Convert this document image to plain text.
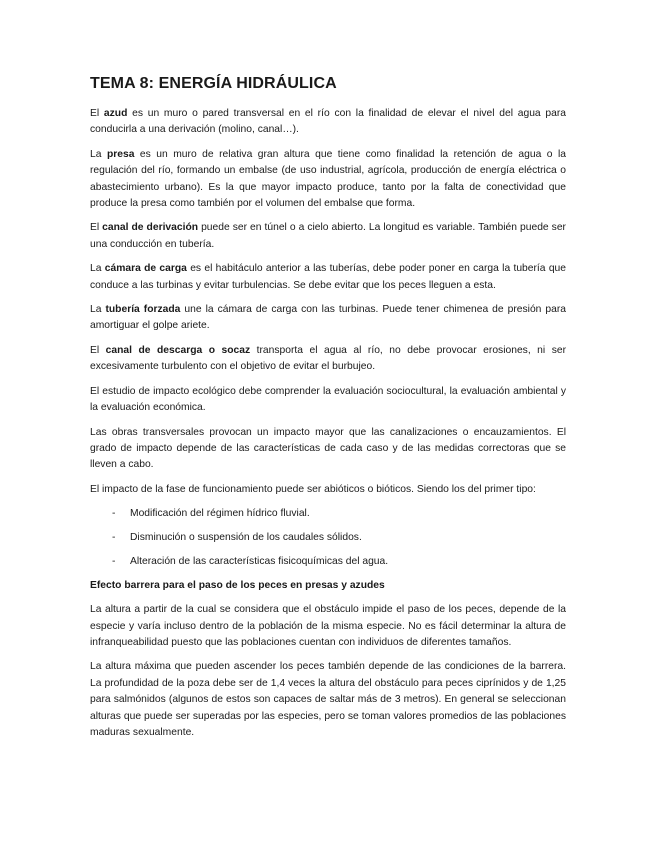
TEMA 8: ENERGÍA HIDRÁULICA

El azud es un muro o pared transversal en el río con la finalidad de elevar el nivel del agua para conducirla a una derivación (molino, canal…).

La presa es un muro de relativa gran altura que tiene como finalidad la retención de agua o la regulación del río, formando un embalse (de uso industrial, agrícola, producción de energía eléctrica o abastecimiento urbano). Es la que mayor impacto produce, tanto por la falta de conectividad que produce la presa como también por el volumen del embalse que forma.

El canal de derivación puede ser en túnel o a cielo abierto. La longitud es variable. También puede ser una conducción en tubería.

La cámara de carga es el habitáculo anterior a las tuberías, debe poder poner en carga la tubería que conduce a las turbinas y evitar turbulencias. Se debe evitar que los peces lleguen a esta.

La tubería forzada une la cámara de carga con las turbinas. Puede tener chimenea de presión para amortiguar el golpe ariete.

El canal de descarga o socaz transporta el agua al río, no debe provocar erosiones, ni ser excesivamente turbulento con el objetivo de evitar el burbujeo.

El estudio de impacto ecológico debe comprender la evaluación sociocultural, la evaluación ambiental y la evaluación económica.

Las obras transversales provocan un impacto mayor que las canalizaciones o encauzamientos. El grado de impacto depende de las características de cada caso y de las medidas correctoras que se lleven a cabo.

El impacto de la fase de funcionamiento puede ser abióticos o bióticos. Siendo los del primer tipo:

- Modificación del régimen hídrico fluvial.
- Disminución o suspensión de los caudales sólidos.
- Alteración de las características fisicoquímicas del agua.
Efecto barrera para el paso de los peces en presas y azudes

La altura a partir de la cual se considera que el obstáculo impide el paso de los peces, depende de la especie y varía incluso dentro de la población de la misma especie. No es fácil determinar la altura de infranqueabilidad puesto que las poblaciones cuentan con individuos de diferentes tamaños.

La altura máxima que pueden ascender los peces también depende de las condiciones de la barrera. La profundidad de la poza debe ser de 1,4 veces la altura del obstáculo para peces ciprínidos y de 1,25 para salmónidos (algunos de estos son capaces de saltar más de 3 metros). En general se seleccionan alturas que puede ser superadas por las especies, pero se toman valores promedios de las poblaciones maduras sexualmente.
